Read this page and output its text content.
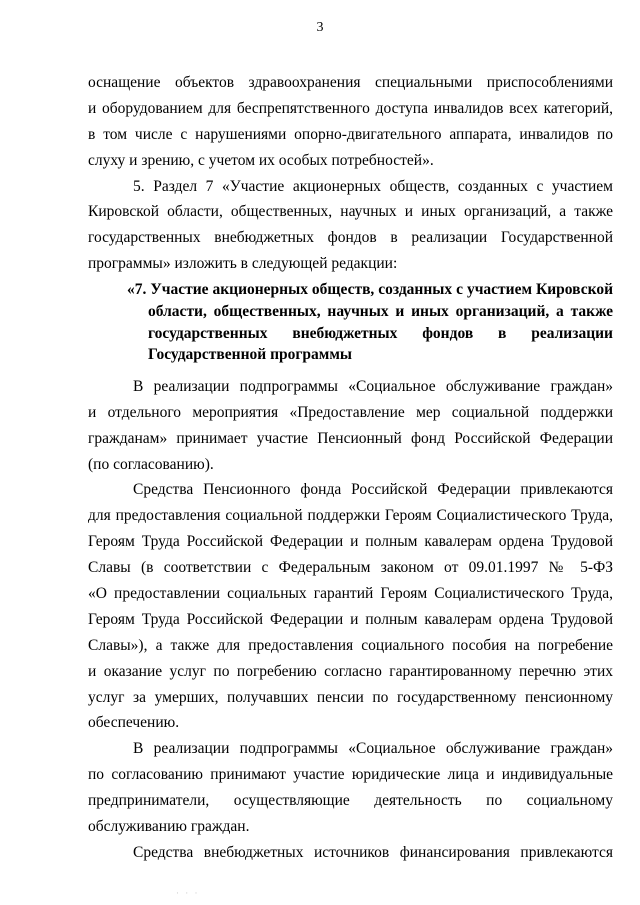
3
оснащение объектов здравоохранения специальными приспособлениями
и оборудованием для беспрепятственного доступа инвалидов всех категорий,
в том числе с нарушениями опорно-двигательного аппарата, инвалидов по
слуху и зрению, с учетом их особых потребностей».
5. Раздел 7 «Участие акционерных обществ, созданных с участием
Кировской области, общественных, научных и иных организаций, а также
государственных внебюджетных фондов в реализации Государственной
программы» изложить в следующей редакции:
«7. Участие акционерных обществ, созданных с участием Кировской
области, общественных, научных и иных организаций, а также
государственных внебюджетных фондов в реализации
Государственной программы
В реализации подпрограммы «Социальное обслуживание граждан»
и отдельного мероприятия «Предоставление мер социальной поддержки
гражданам» принимает участие Пенсионный фонд Российской Федерации
(по согласованию).
Средства Пенсионного фонда Российской Федерации привлекаются
для предоставления социальной поддержки Героям Социалистического Труда,
Героям Труда Российской Федерации и полным кавалерам ордена Трудовой
Славы (в соответствии с Федеральным законом от 09.01.1997 № 5-ФЗ
«О предоставлении социальных гарантий Героям Социалистического Труда,
Героям Труда Российской Федерации и полным кавалерам ордена Трудовой
Славы»), а также для предоставления социального пособия на погребение
и оказание услуг по погребению согласно гарантированному перечню этих
услуг за умерших, получавших пенсии по государственному пенсионному
обеспечению.
В реализации подпрограммы «Социальное обслуживание граждан»
по согласованию принимают участие юридические лица и индивидуальные
предприниматели, осуществляющие деятельность по социальному
обслуживанию граждан.
Средства внебюджетных источников финансирования привлекаются
· · ·
